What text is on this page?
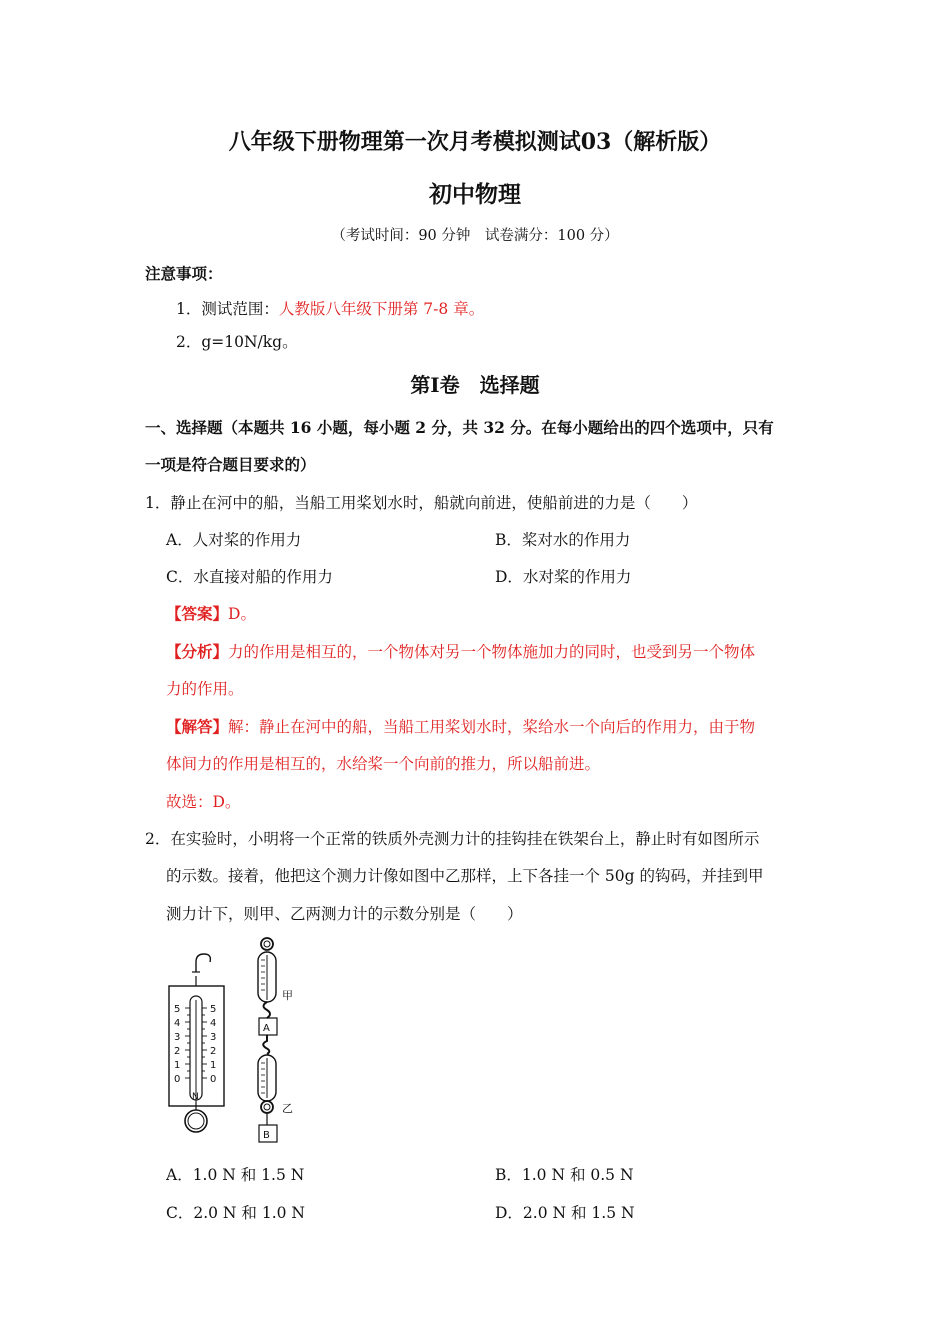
八年级下册物理第一次月考模拟测试03（解析版）
初中物理
（考试时间：90 分钟　试卷满分：100 分）
注意事项：
1．测试范围：人教版八年级下册第 7-8 章。
2．g=10N/kg。
第Ⅰ卷　选择题
一、选择题（本题共 16 小题，每小题 2 分，共 32 分。在每小题给出的四个选项中，只有
一项是符合题目要求的）
1．静止在河中的船，当船工用桨划水时，船就向前进，使船前进的力是（　　）
A．人对桨的作用力	B．桨对水的作用力
C．水直接对船的作用力	D．水对桨的作用力
【答案】D。
【分析】力的作用是相互的，一个物体对另一个物体施加力的同时，也受到另一个物体
力的作用。
【解答】解：静止在河中的船，当船工用桨划水时，桨给水一个向后的作用力，由于物
体间力的作用是相互的，水给桨一个向前的推力，所以船前进。
故选：D。
2．在实验时，小明将一个正常的铁质外壳测力计的挂钩挂在铁架台上，静止时有如图所示
的示数。接着，他把这个测力计像如图中乙那样，上下各挂一个 50g 的钩码，并挂到甲
测力计下，则甲、乙两测力计的示数分别是（　　）
5
4
3
2
1
0
5
4
3
2
1
0
N
A
B
甲
乙
A．1.0 N 和 1.5 N	B．1.0 N 和 0.5 N
C．2.0 N 和 1.0 N	D．2.0 N 和 1.5 N
